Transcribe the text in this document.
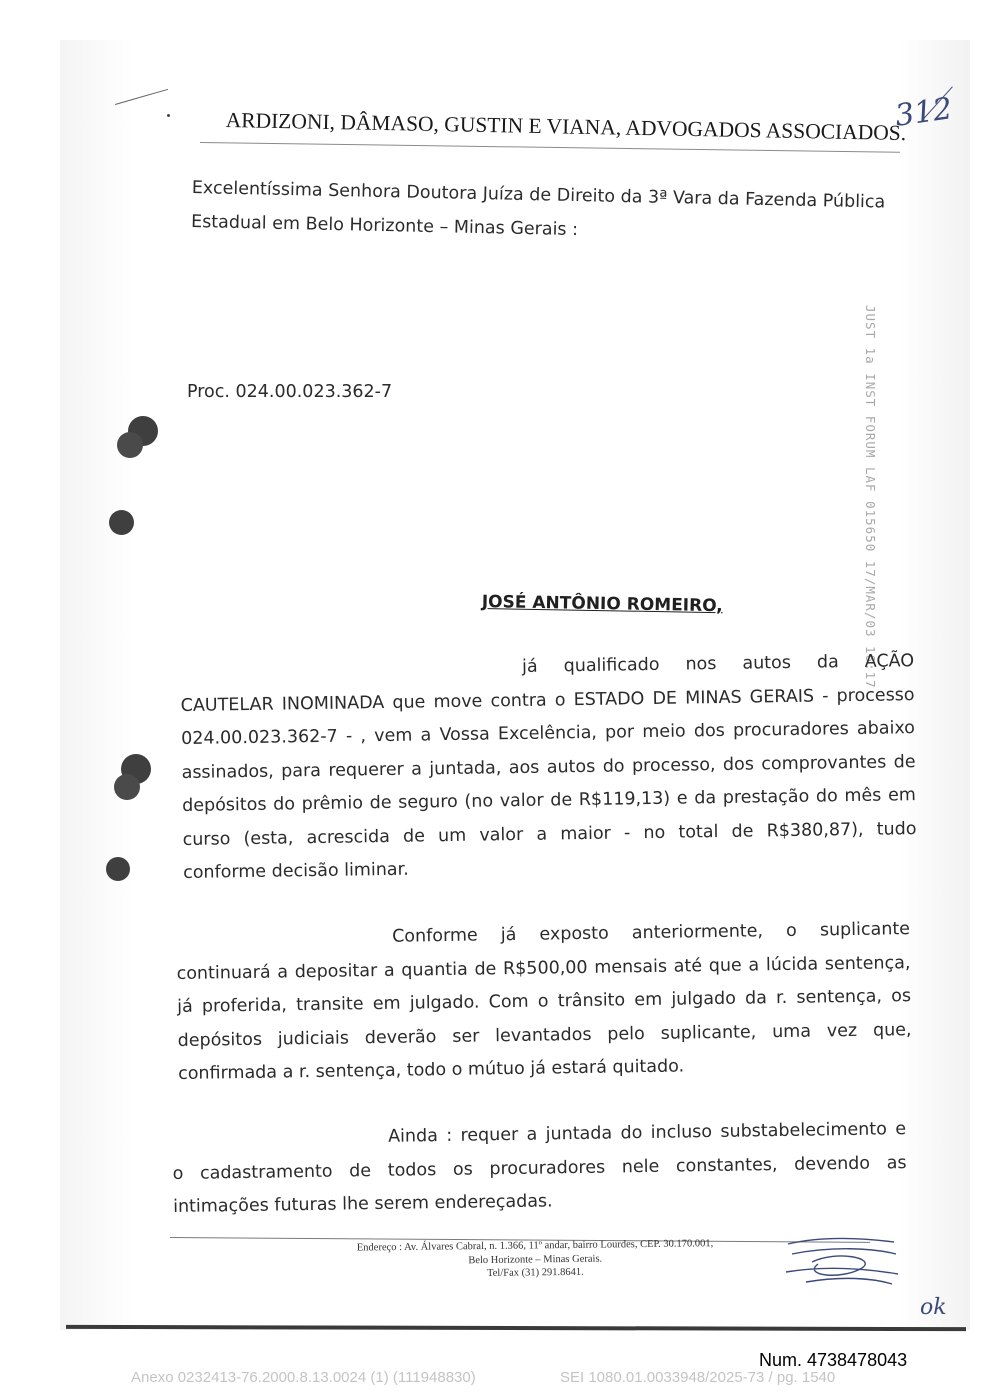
ARDIZONI, DÂMASO, GUSTIN E VIANA, ADVOGADOS ASSOCIADOS.
312
Excelentíssima Senhora Doutora Juíza de Direito da 3ª Vara da Fazenda Pública
Estadual em Belo Horizonte – Minas Gerais :
JUST 1a INST FORUM LAF 015650 17/MAR/03 16:17
Proc. 024.00.023.362-7
JOSÉ ANTÔNIO ROMEIRO,
já qualificado nos autos da AÇÃO
CAUTELAR INOMINADA que move contra o ESTADO DE MINAS GERAIS - processo
024.00.023.362-7 - , vem a Vossa Excelência, por meio dos procuradores abaixo
assinados, para requerer a juntada, aos autos do processo, dos comprovantes de
depósitos do prêmio de seguro (no valor de R$119,13) e da prestação do mês em
curso (esta, acrescida de um valor a maior - no total de R$380,87), tudo
conforme decisão liminar.
Conforme já exposto anteriormente, o suplicante
continuará a depositar a quantia de R$500,00 mensais até que a lúcida sentença,
já proferida, transite em julgado. Com o trânsito em julgado da r. sentença, os
depósitos judiciais deverão ser levantados pelo suplicante, uma vez que,
confirmada a r. sentença, todo o mútuo já estará quitado.
Ainda : requer a juntada do incluso substabelecimento e
o cadastramento de todos os procuradores nele constantes, devendo as
intimações futuras lhe serem endereçadas.
Endereço : Av. Álvares Cabral, n. 1.366, 11º andar, bairro Lourdes, CEP. 30.170.001,
Belo Horizonte – Minas Gerais.
Tel/Fax (31) 291.8641.
ok
Num. 4738478043
Anexo 0232413-76.2000.8.13.0024 (1) (111948830)	SEI 1080.01.0033948/2025-73 / pg. 1540
